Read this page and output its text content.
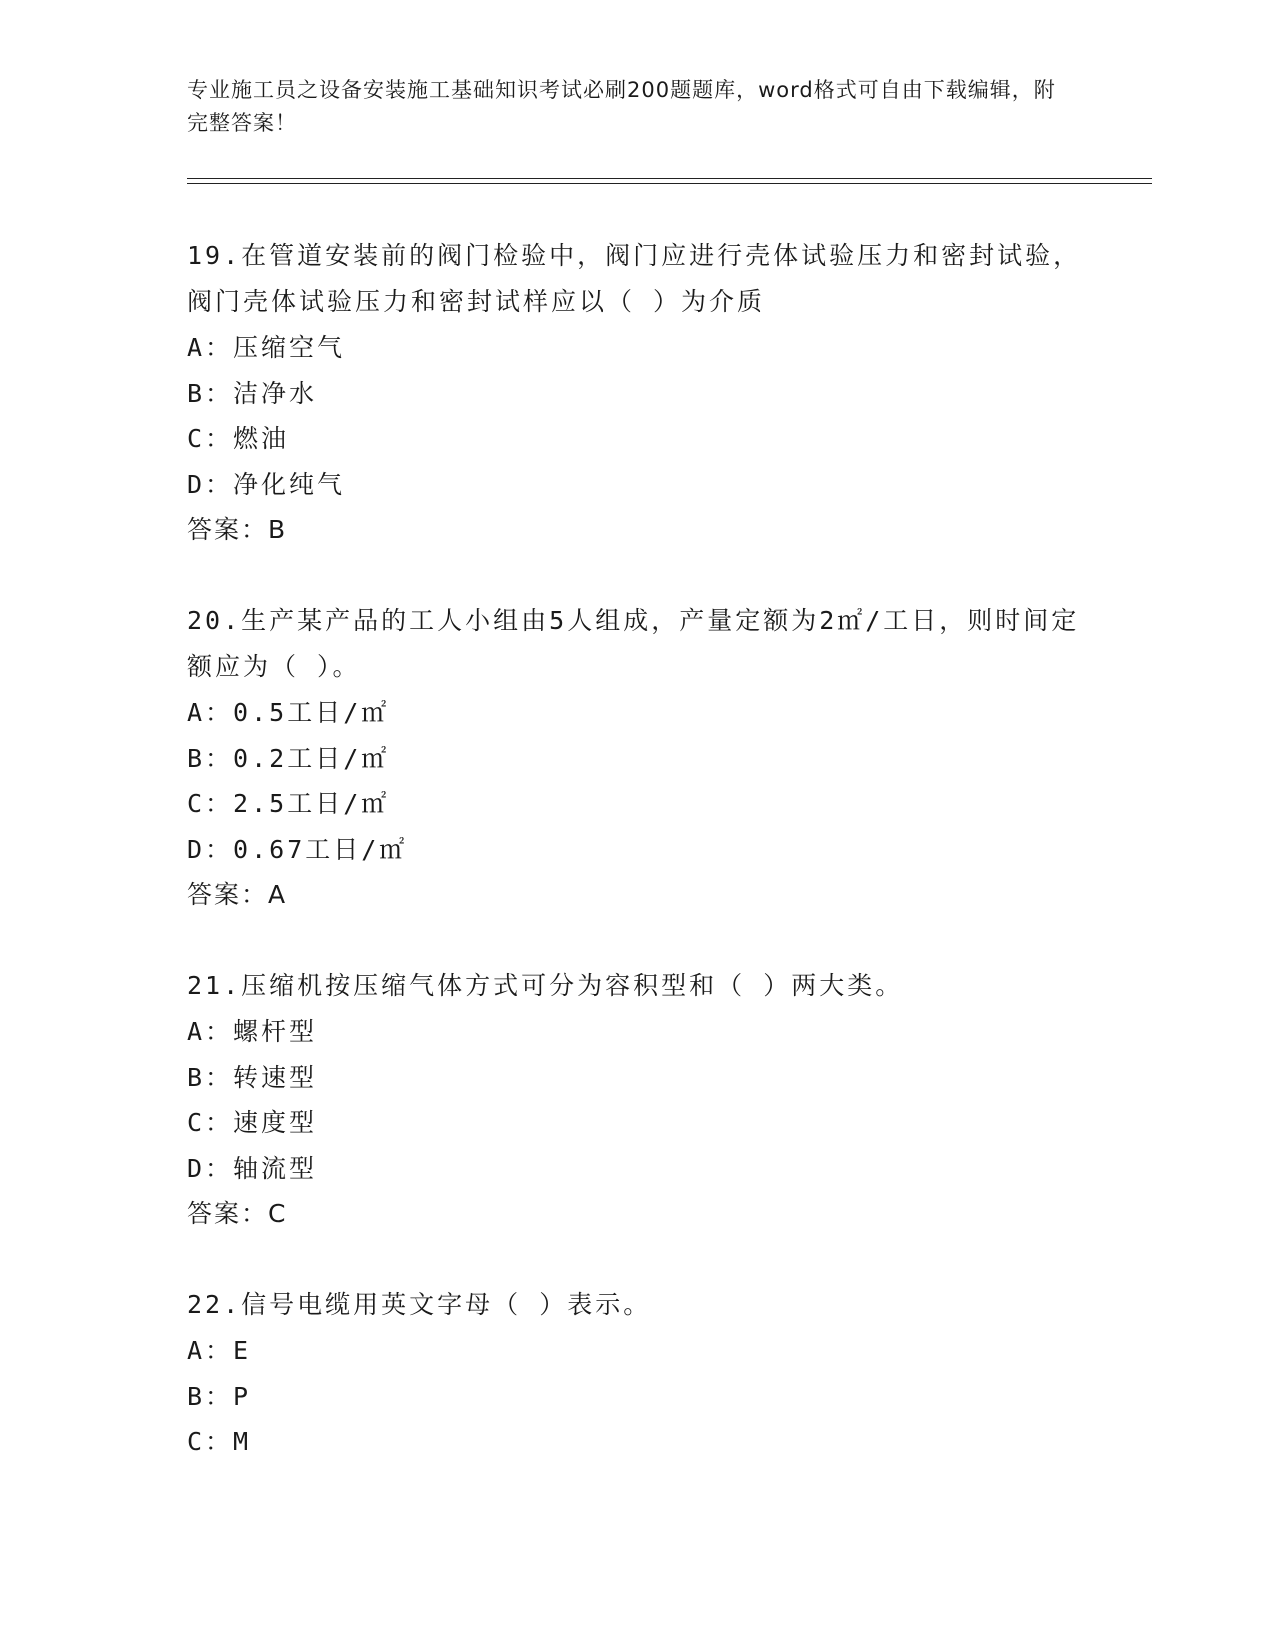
专业施工员之设备安装施工基础知识考试必刷200题题库，word格式可自由下载编辑，附完整答案！

19.在管道安装前的阀门检验中，阀门应进行壳体试验压力和密封试验，阀门壳体试验压力和密封试样应以（ ）为介质

A：压缩空气

B：洁净水

C：燃油

D：净化纯气

答案：B

20.生产某产品的工人小组由5人组成，产量定额为2㎡/工日，则时间定额应为（ ）。

A：0.5工日/㎡

B：0.2工日/㎡

C：2.5工日/㎡

D：0.67工日/㎡

答案：A

21.压缩机按压缩气体方式可分为容积型和（ ）两大类。

A：螺杆型

B：转速型

C：速度型

D：轴流型

答案：C

22.信号电缆用英文字母（ ）表示。

A：E

B：P

C：M
